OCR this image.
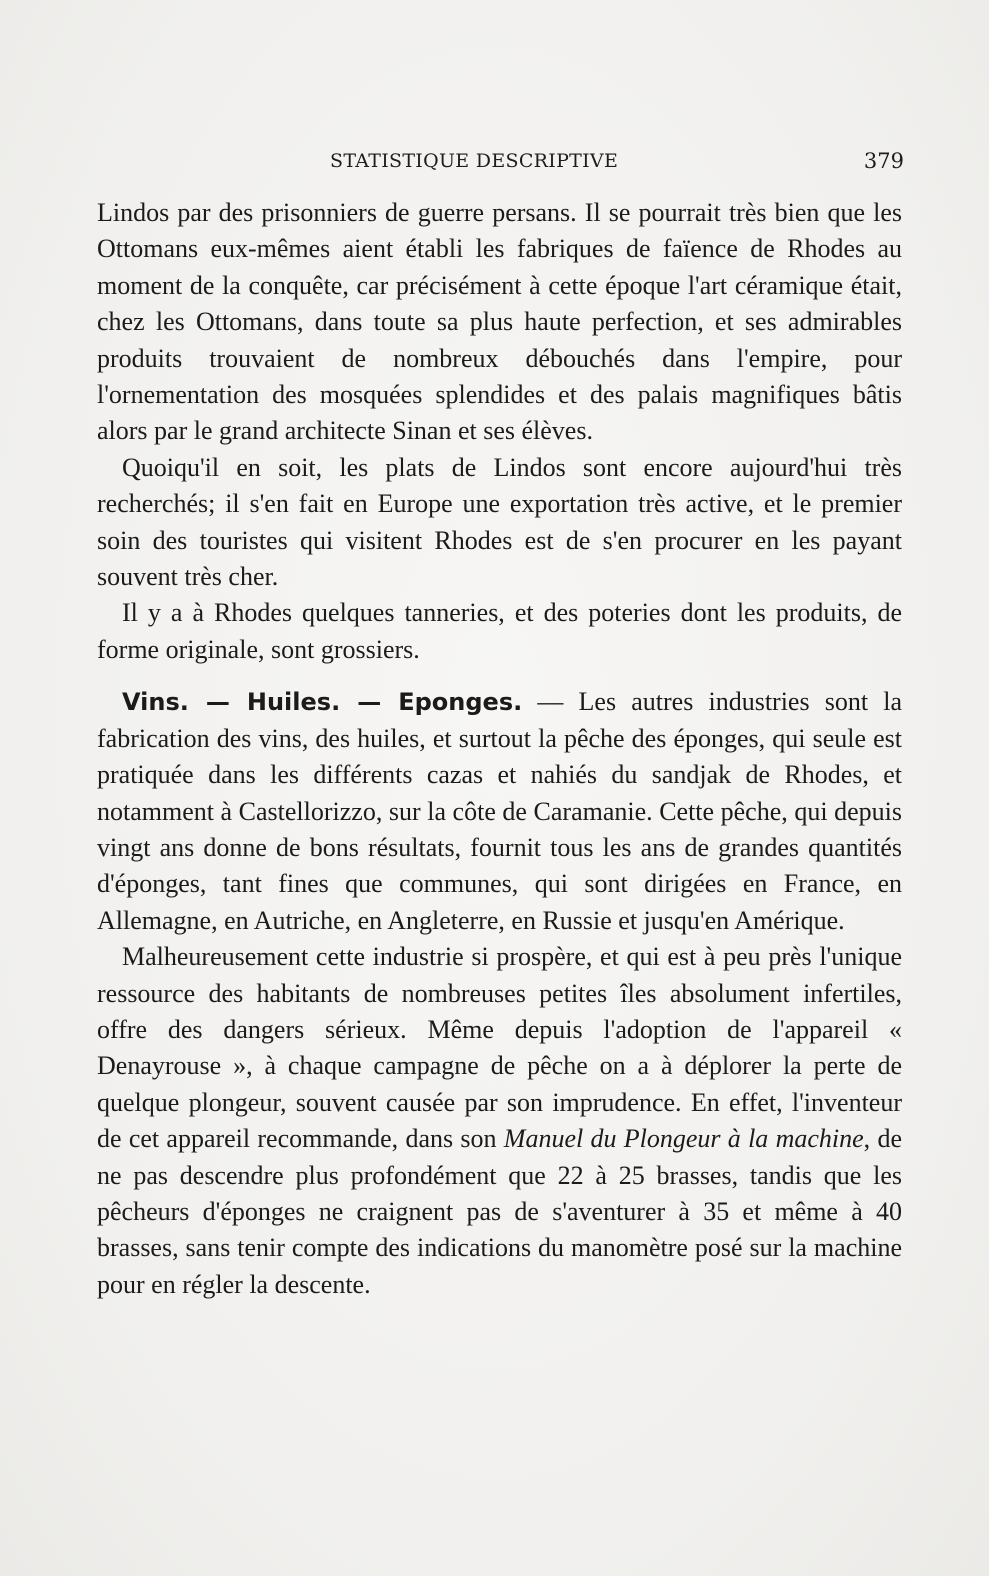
STATISTIQUE DESCRIPTIVE	379

Lindos par des prisonniers de guerre persans. Il se pourrait très bien que les Ottomans eux-mêmes aient établi les fabriques de faïence de Rhodes au moment de la conquête, car précisément à cette époque l'art céramique était, chez les Ottomans, dans toute sa plus haute perfection, et ses admirables produits trouvaient de nombreux débouchés dans l'empire, pour l'ornementation des mosquées splendides et des palais magnifiques bâtis alors par le grand architecte Sinan et ses élèves.

Quoiqu'il en soit, les plats de Lindos sont encore aujourd'hui très recherchés; il s'en fait en Europe une exportation très active, et le premier soin des touristes qui visitent Rhodes est de s'en procurer en les payant souvent très cher.

Il y a à Rhodes quelques tanneries, et des poteries dont les produits, de forme originale, sont grossiers.

Vins. — Huiles. — Eponges. — Les autres industries sont la fabrication des vins, des huiles, et surtout la pêche des éponges, qui seule est pratiquée dans les différents cazas et nahiés du sandjak de Rhodes, et notamment à Castellorizzo, sur la côte de Caramanie. Cette pêche, qui depuis vingt ans donne de bons résultats, fournit tous les ans de grandes quantités d'éponges, tant fines que communes, qui sont dirigées en France, en Allemagne, en Autriche, en Angleterre, en Russie et jusqu'en Amérique.

Malheureusement cette industrie si prospère, et qui est à peu près l'unique ressource des habitants de nombreuses petites îles absolument infertiles, offre des dangers sérieux. Même depuis l'adoption de l'appareil « Denayrouse », à chaque campagne de pêche on a à déplorer la perte de quelque plongeur, souvent causée par son imprudence. En effet, l'inventeur de cet appareil recommande, dans son Manuel du Plongeur à la machine, de ne pas descendre plus profondément que 22 à 25 brasses, tandis que les pêcheurs d'éponges ne craignent pas de s'aventurer à 35 et même à 40 brasses, sans tenir compte des indications du manomètre posé sur la machine pour en régler la descente.
